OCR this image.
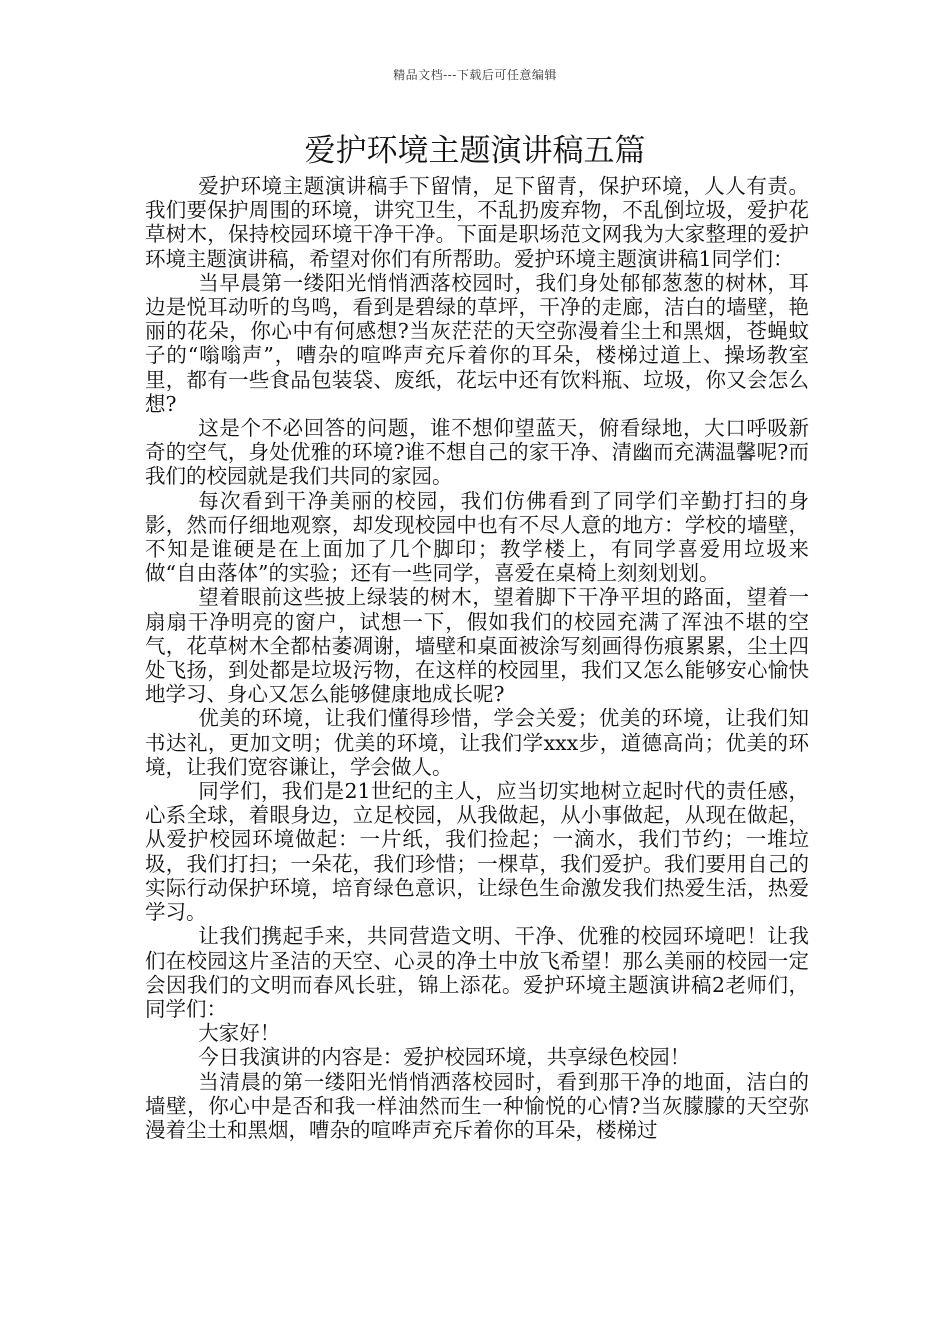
精品文档---下载后可任意编辑
爱护环境主题演讲稿五篇

爱护环境主题演讲稿手下留情，足下留青，保护环境，人人有责。我们要保护周围的环境，讲究卫生，不乱扔废弃物，不乱倒垃圾，爱护花草树木，保持校园环境干净干净。下面是职场范文网我为大家整理的爱护环境主题演讲稿，希望对你们有所帮助。爱护环境主题演讲稿1同学们：

当早晨第一缕阳光悄悄洒落校园时，我们身处郁郁葱葱的树林，耳边是悦耳动听的鸟鸣，看到是碧绿的草坪，干净的走廊，洁白的墙壁，艳丽的花朵，你心中有何感想?当灰茫茫的天空弥漫着尘土和黑烟，苍蝇蚊子的“嗡嗡声”，嘈杂的喧哗声充斥着你的耳朵，楼梯过道上、操场教室里，都有一些食品包装袋、废纸，花坛中还有饮料瓶、垃圾，你又会怎么想?

这是个不必回答的问题，谁不想仰望蓝天，俯看绿地，大口呼吸新奇的空气，身处优雅的环境?谁不想自己的家干净、清幽而充满温馨呢?而我们的校园就是我们共同的家园。

每次看到干净美丽的校园，我们仿佛看到了同学们辛勤打扫的身影，然而仔细地观察，却发现校园中也有不尽人意的地方：学校的墙壁，不知是谁硬是在上面加了几个脚印；教学楼上，有同学喜爱用垃圾来做“自由落体”的实验；还有一些同学，喜爱在桌椅上刻刻划划。

望着眼前这些披上绿装的树木，望着脚下干净平坦的路面，望着一扇扇干净明亮的窗户，试想一下，假如我们的校园充满了浑浊不堪的空气，花草树木全都枯萎凋谢，墙壁和桌面被涂写刻画得伤痕累累，尘土四处飞扬，到处都是垃圾污物，在这样的校园里，我们又怎么能够安心愉快地学习、身心又怎么能够健康地成长呢?

优美的环境，让我们懂得珍惜，学会关爱；优美的环境，让我们知书达礼，更加文明；优美的环境，让我们学xxx步，道德高尚；优美的环境，让我们宽容谦让，学会做人。

同学们，我们是21世纪的主人，应当切实地树立起时代的责任感，心系全球，着眼身边，立足校园，从我做起，从小事做起，从现在做起，从爱护校园环境做起：一片纸，我们捡起；一滴水，我们节约；一堆垃圾，我们打扫；一朵花，我们珍惜；一棵草，我们爱护。我们要用自己的实际行动保护环境，培育绿色意识，让绿色生命激发我们热爱生活，热爱学习。

让我们携起手来，共同营造文明、干净、优雅的校园环境吧！让我们在校园这片圣洁的天空、心灵的净土中放飞希望！那么美丽的校园一定会因我们的文明而春风长驻，锦上添花。爱护环境主题演讲稿2老师们，同学们：

大家好！

今日我演讲的内容是：爱护校园环境，共享绿色校园！

当清晨的第一缕阳光悄悄洒落校园时，看到那干净的地面，洁白的墙壁，你心中是否和我一样油然而生一种愉悦的心情?当灰朦朦的天空弥漫着尘土和黑烟，嘈杂的喧哗声充斥着你的耳朵，楼梯过
